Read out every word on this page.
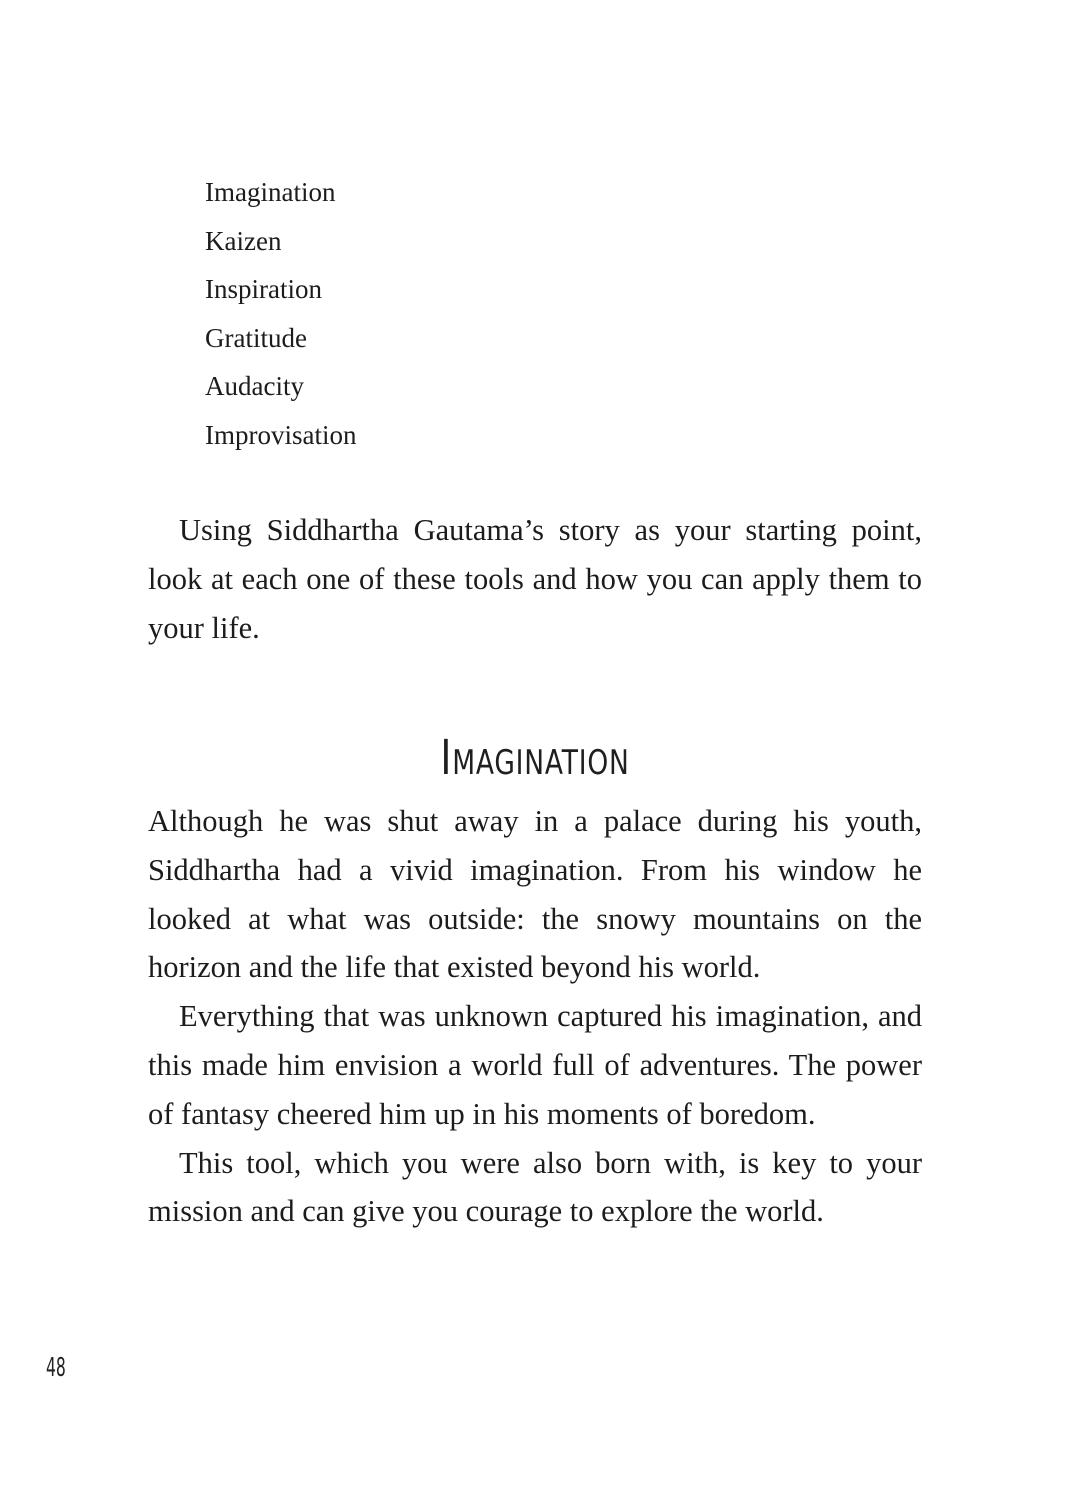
Imagination
Kaizen
Inspiration
Gratitude
Audacity
Improvisation

Using Siddhartha Gautama’s story as your starting point, look at each one of these tools and how you can apply them to your life.

Imagination

Although he was shut away in a palace during his youth, Siddhartha had a vivid imagination. From his window he looked at what was outside: the snowy mountains on the horizon and the life that existed beyond his world.

Everything that was unknown captured his imagination, and this made him envision a world full of adventures. The power of fantasy cheered him up in his moments of boredom.

This tool, which you were also born with, is key to your mission and can give you courage to explore the world.

48
